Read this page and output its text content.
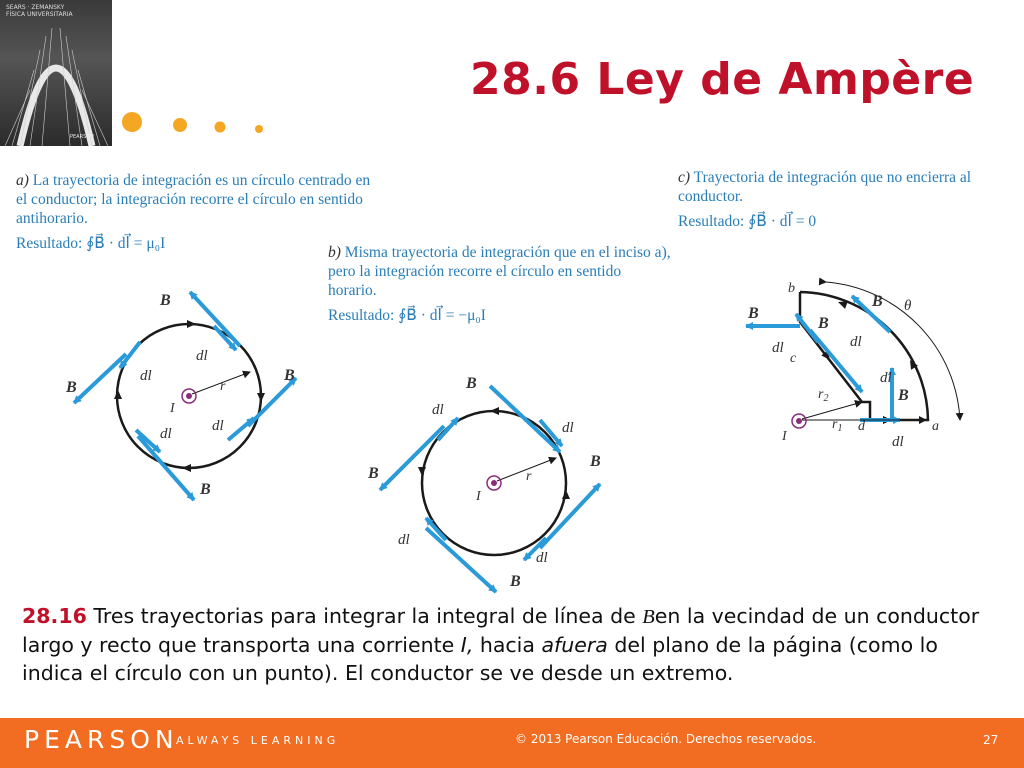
SEARS · ZEMANSKY
FÍSICA UNIVERSITARIA
PEARSON
28.6 Ley de Ampère
a) La trayectoria de integración es un círculo centrado en el conductor; la integración recorre el círculo en sentido antihorario.
Resultado: ∮B⃗ · dl⃗ = μ₀I
b) Misma trayectoria de integración que en el inciso a), pero la integración recorre el círculo en sentido horario.
Resultado: ∮B⃗ · dl⃗ = −μ₀I
c) Trayectoria de integración que no encierra al conductor.
Resultado: ∮B⃗ · dl⃗ = 0
B
B
B
B
dl
dl
dl	dl
r
I
B
B
B
B
dl
dl
dl
dl
r
I
B
B
B
B
dl	dl
dl
dl
b
c
d	a
θ
$r_2$
$r_1$
I
28.16 Tres trayectorias para integrar la integral de línea de Ben la vecindad de un conductor largo y recto que transporta una corriente I, hacia afuera del plano de la página (como lo indica el círculo con un punto). El conductor se ve desde un extremo.
PEARSON
ALWAYS LEARNING	© 2013 Pearson Educación. Derechos reservados.	27
